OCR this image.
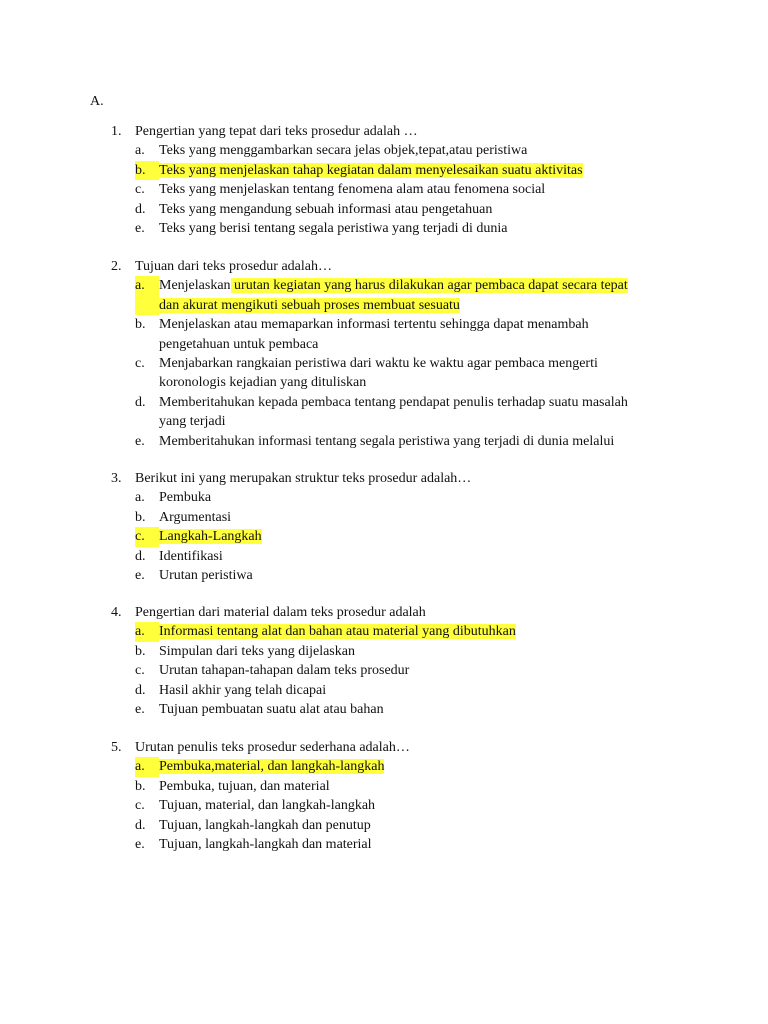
A.
1. Pengertian yang tepat dari teks prosedur adalah …
a.	Teks yang menggambarkan secara jelas objek,tepat,atau peristiwa
b. Teks yang menjelaskan tahap kegiatan dalam menyelesaikan suatu aktivitas
c.	Teks yang menjelaskan tentang fenomena alam atau fenomena social
d. Teks yang mengandung sebuah informasi atau pengetahuan
e.	Teks yang berisi tentang segala peristiwa yang terjadi di dunia
2. Tujuan dari teks prosedur adalah…
a.	Menjelaskan urutan kegiatan yang harus dilakukan agar pembaca dapat secara tepat
dan akurat mengikuti sebuah proses membuat sesuatu
b. Menjelaskan atau memaparkan informasi tertentu sehingga dapat menambah
pengetahuan untuk pembaca
c.	Menjabarkan rangkaian peristiwa dari waktu ke waktu agar pembaca mengerti
koronologis kejadian yang dituliskan
d. Memberitahukan kepada pembaca tentang pendapat penulis terhadap suatu masalah
yang terjadi
e.	Memberitahukan informasi tentang segala peristiwa yang terjadi di dunia melalui
3. Berikut ini yang merupakan struktur teks prosedur adalah…
a.	Pembuka
b. Argumentasi
c.	Langkah-Langkah
d. Identifikasi
e.	Urutan peristiwa
4. Pengertian dari material dalam teks prosedur adalah
a.	Informasi tentang alat dan bahan atau material yang dibutuhkan
b. Simpulan dari teks yang dijelaskan
c.	Urutan tahapan-tahapan dalam teks prosedur
d. Hasil akhir yang telah dicapai
e.	Tujuan pembuatan suatu alat atau bahan
5. Urutan penulis teks prosedur sederhana adalah…
a.	Pembuka,material, dan langkah-langkah
b. Pembuka, tujuan, dan material
c.	Tujuan, material, dan langkah-langkah
d. Tujuan, langkah-langkah dan penutup
e.	Tujuan, langkah-langkah dan material
